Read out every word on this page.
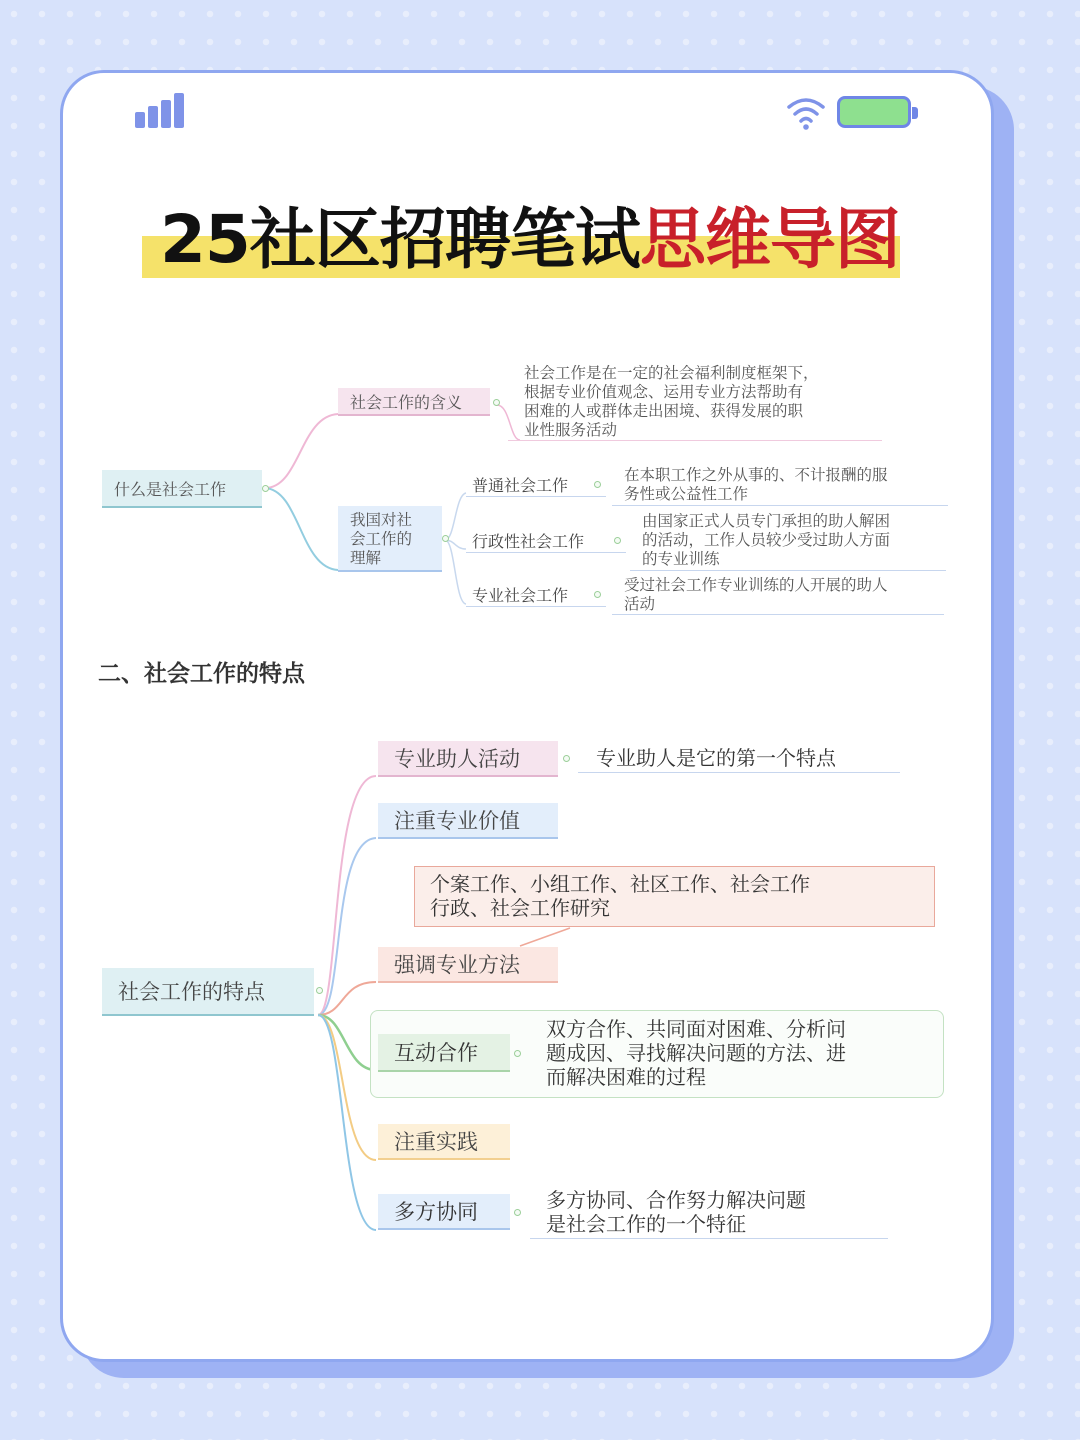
25社区招聘笔试思维导图
什么是社会工作
社会工作的含义
社会工作是在一定的社会福利制度框架下，
根据专业价值观念、运用专业方法帮助有
困难的人或群体走出困境、获得发展的职
业性服务活动
我国对社
会工作的
理解
普通社会工作
在本职工作之外从事的、不计报酬的服
务性或公益性工作
行政性社会工作
由国家正式人员专门承担的助人解困
的活动，工作人员较少受过助人方面
的专业训练
专业社会工作
受过社会工作专业训练的人开展的助人
活动
二、社会工作的特点
社会工作的特点
专业助人活动	专业助人是它的第一个特点
注重专业价值
个案工作、小组工作、社区工作、社会工作
行政、社会工作研究
强调专业方法
互动合作
双方合作、共同面对困难、分析问
题成因、寻找解决问题的方法、进
而解决困难的过程
注重实践
多方协同	多方协同、合作努力解决问题
是社会工作的一个特征
